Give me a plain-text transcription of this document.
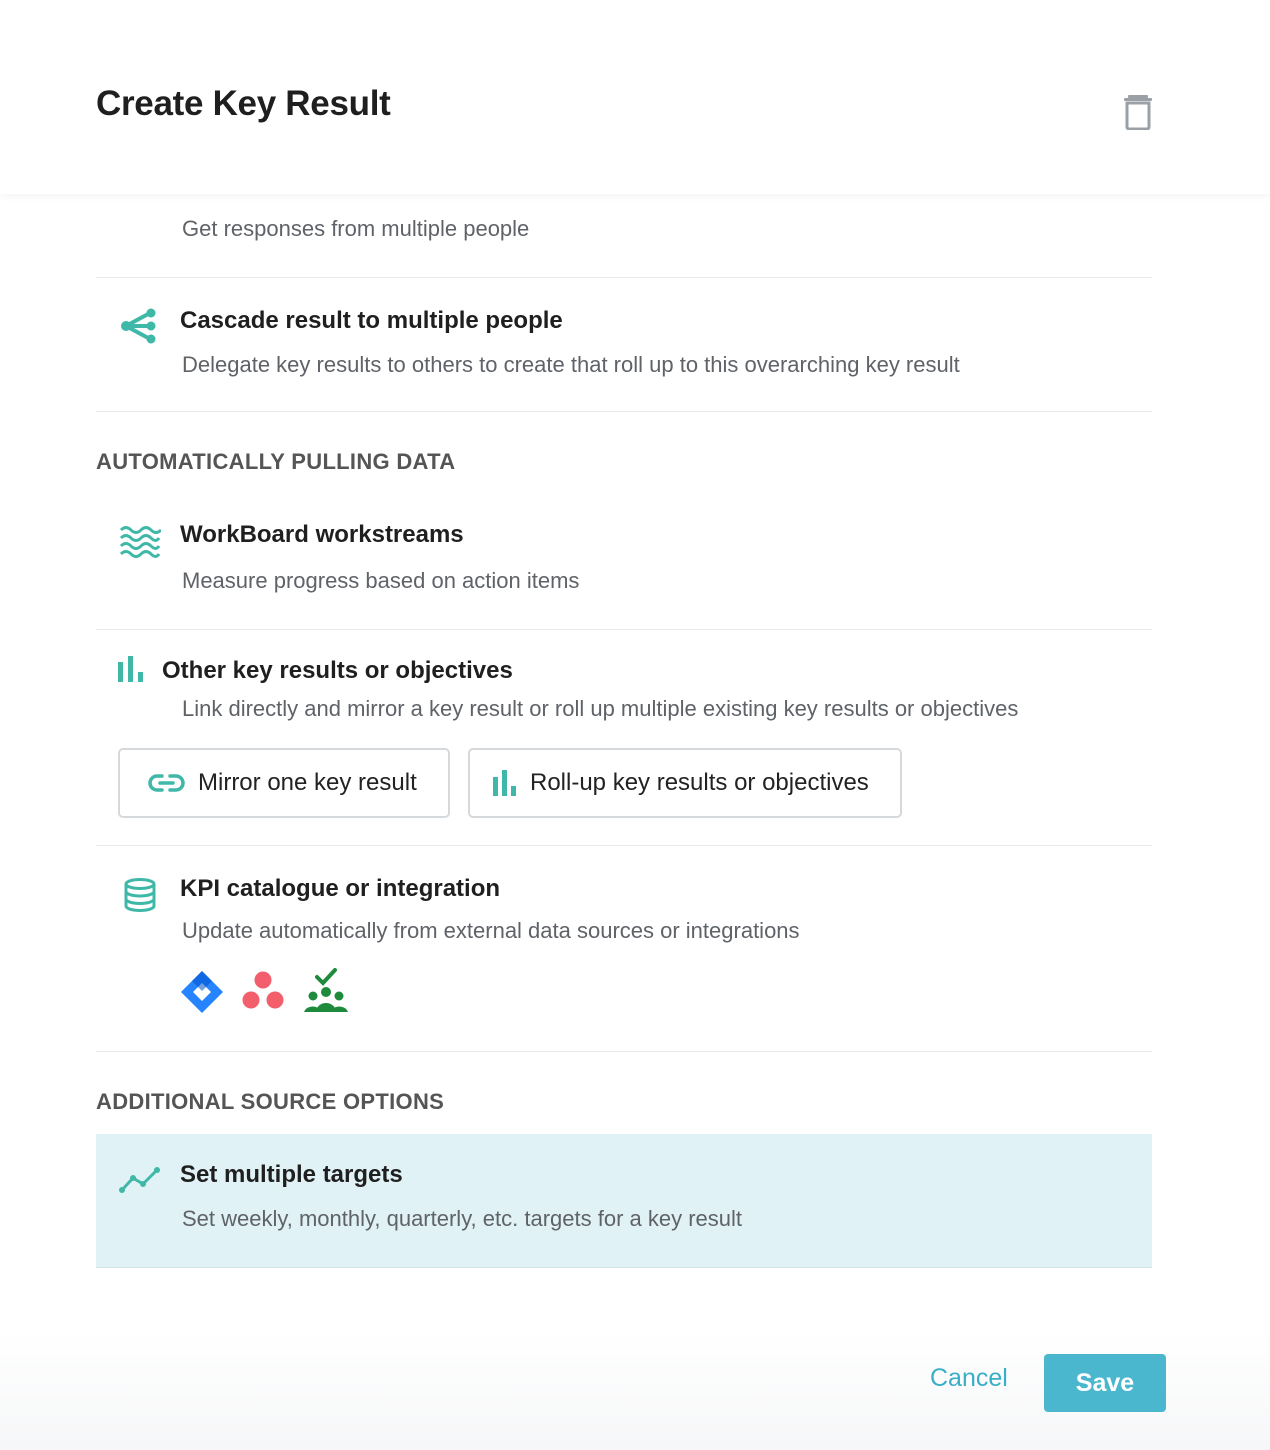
Create Key Result
Get responses from multiple people
Cascade result to multiple people
Delegate key results to others to create that roll up to this overarching key result
AUTOMATICALLY PULLING DATA
WorkBoard workstreams
Measure progress based on action items
Other key results or objectives
Link directly and mirror a key result or roll up multiple existing key results or objectives
Mirror one key result	Roll-up key results or objectives
KPI catalogue or integration
Update automatically from external data sources or integrations
ADDITIONAL SOURCE OPTIONS
Set multiple targets
Set weekly, monthly, quarterly, etc. targets for a key result
Cancel	Save
